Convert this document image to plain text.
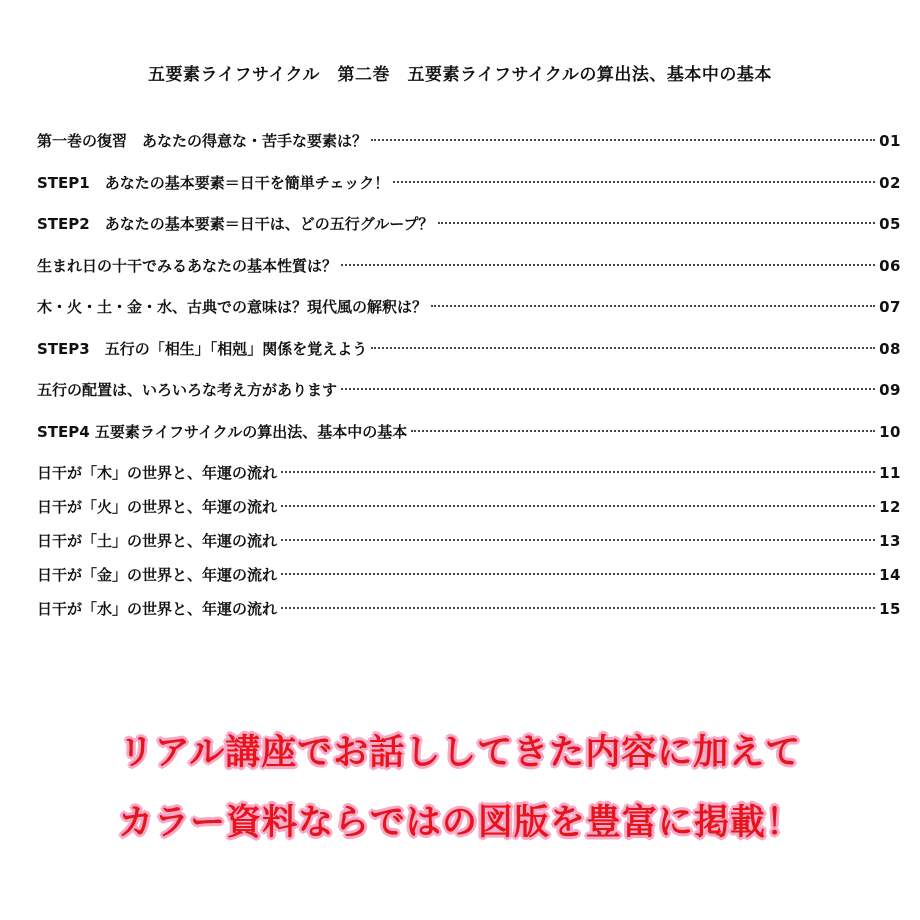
五要素ライフサイクル　第二巻　五要素ライフサイクルの算出法、基本中の基本
第一巻の復習　あなたの得意な・苦手な要素は？	01
STEP1　あなたの基本要素＝日干を簡単チェック！	02
STEP2　あなたの基本要素＝日干は、どの五行グループ？	05
生まれ日の十干でみるあなたの基本性質は？	06
木・火・土・金・水、古典での意味は？現代風の解釈は？	07
STEP3　五行の「相生」「相剋」関係を覚えよう	08
五行の配置は、いろいろな考え方があります	09
STEP4 五要素ライフサイクルの算出法、基本中の基本	10
日干が「木」の世界と、年運の流れ	11
日干が「火」の世界と、年運の流れ	12
日干が「土」の世界と、年運の流れ	13
日干が「金」の世界と、年運の流れ	14
日干が「水」の世界と、年運の流れ	15
リアル講座でお話ししてきた内容に加えて
カラー資料ならではの図版を豊富に掲載！
